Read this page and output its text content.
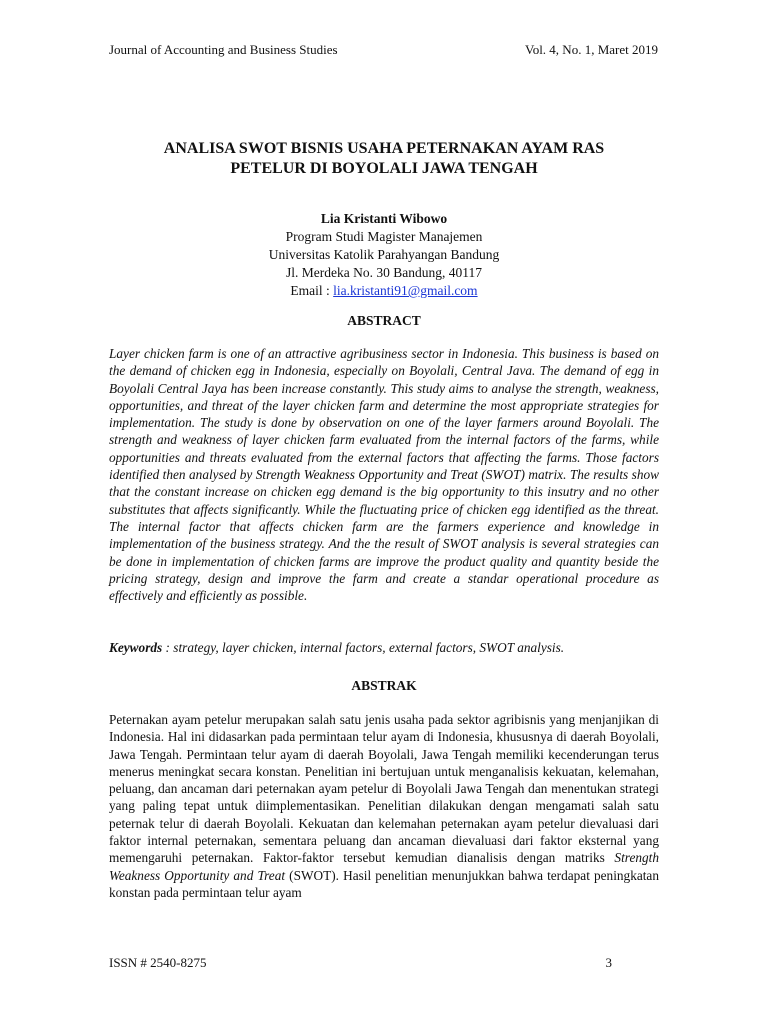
Journal of Accounting and Business Studies	Vol. 4, No. 1, Maret 2019
ANALISA SWOT BISNIS USAHA PETERNAKAN AYAM RAS
PETELUR DI BOYOLALI JAWA TENGAH
Lia Kristanti Wibowo
Program Studi Magister Manajemen
Universitas Katolik Parahyangan Bandung
Jl. Merdeka No. 30 Bandung, 40117
Email : lia.kristanti91@gmail.com
ABSTRACT
Layer chicken farm is one of an attractive agribusiness sector in Indonesia. This business is based on the demand of chicken egg in Indonesia, especially on Boyolali, Central Java. The demand of egg in Boyolali Central Jaya has been increase constantly. This study aims to analyse the strength, weakness, opportunities, and threat of the layer chicken farm and determine the most appropriate strategies for implementation. The study is done by observation on one of the layer farmers around Boyolali. The strength and weakness of layer chicken farm evaluated from the internal factors of the farms, while opportunities and threats evaluated from the external factors that affecting the farms. Those factors identified then analysed by Strength Weakness Opportunity and Treat (SWOT) matrix. The results show that the constant increase on chicken egg demand is the big opportunity to this insutry and no other substitutes that affects significantly. While the fluctuating price of chicken egg identified as the threat. The internal factor that affects chicken farm are the farmers experience and knowledge in implementation of the business strategy. And the the result of SWOT analysis is several strategies can be done in implementation of chicken farms are improve the product quality and quantity beside the pricing strategy, design and improve the farm and create a standar operational procedure as effectively and efficiently as possible.
Keywords : strategy, layer chicken, internal factors, external factors, SWOT analysis.
ABSTRAK
Peternakan ayam petelur merupakan salah satu jenis usaha pada sektor agribisnis yang menjanjikan di Indonesia. Hal ini didasarkan pada permintaan telur ayam di Indonesia, khususnya di daerah Boyolali, Jawa Tengah. Permintaan telur ayam di daerah Boyolali, Jawa Tengah memiliki kecenderungan terus menerus meningkat secara konstan. Penelitian ini bertujuan untuk menganalisis kekuatan, kelemahan, peluang, dan ancaman dari peternakan ayam petelur di Boyolali Jawa Tengah dan menentukan strategi yang paling tepat untuk diimplementasikan. Penelitian dilakukan dengan mengamati salah satu peternak telur di daerah Boyolali. Kekuatan dan kelemahan peternakan ayam petelur dievaluasi dari faktor internal peternakan, sementara peluang dan ancaman dievaluasi dari faktor eksternal yang memengaruhi peternakan. Faktor-faktor tersebut kemudian dianalisis dengan matriks Strength Weakness Opportunity and Treat (SWOT). Hasil penelitian menunjukkan bahwa terdapat peningkatan konstan pada permintaan telur ayam
ISSN # 2540-8275	3
